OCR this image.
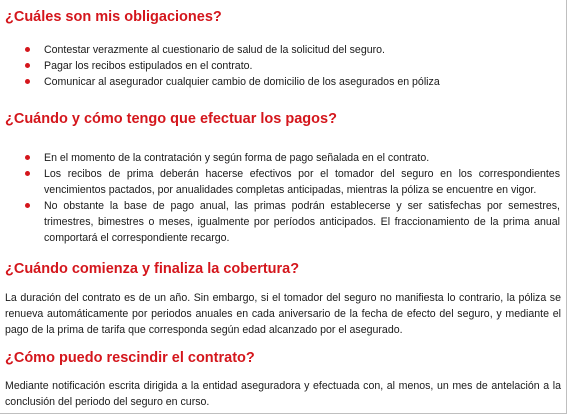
¿Cuáles son mis obligaciones?
Contestar verazmente al cuestionario de salud de la solicitud del seguro.
Pagar los recibos estipulados en el contrato.
Comunicar al asegurador cualquier cambio de domicilio de los asegurados en póliza
¿Cuándo y cómo tengo que efectuar los pagos?
En el momento de la contratación y según forma de pago señalada en el contrato.
Los recibos de prima deberán hacerse efectivos por el tomador del seguro en los correspondientes vencimientos pactados, por anualidades completas anticipadas, mientras la póliza se encuentre en vigor.
No obstante la base de pago anual, las primas podrán establecerse y ser satisfechas por semestres, trimestres, bimestres o meses, igualmente por períodos anticipados. El fraccionamiento de la prima anual comportará el correspondiente recargo.
¿Cuándo comienza y finaliza la cobertura?
La duración del contrato es de un año. Sin embargo, si el tomador del seguro no manifiesta lo contrario, la póliza se renueva automáticamente por periodos anuales en cada aniversario de la fecha de efecto del seguro, y mediante el pago de la prima de tarifa que corresponda según edad alcanzado por el asegurado.
¿Cómo puedo rescindir el contrato?
Mediante notificación escrita dirigida a la entidad aseguradora y efectuada con, al menos, un mes de antelación a la conclusión del periodo del seguro en curso.
